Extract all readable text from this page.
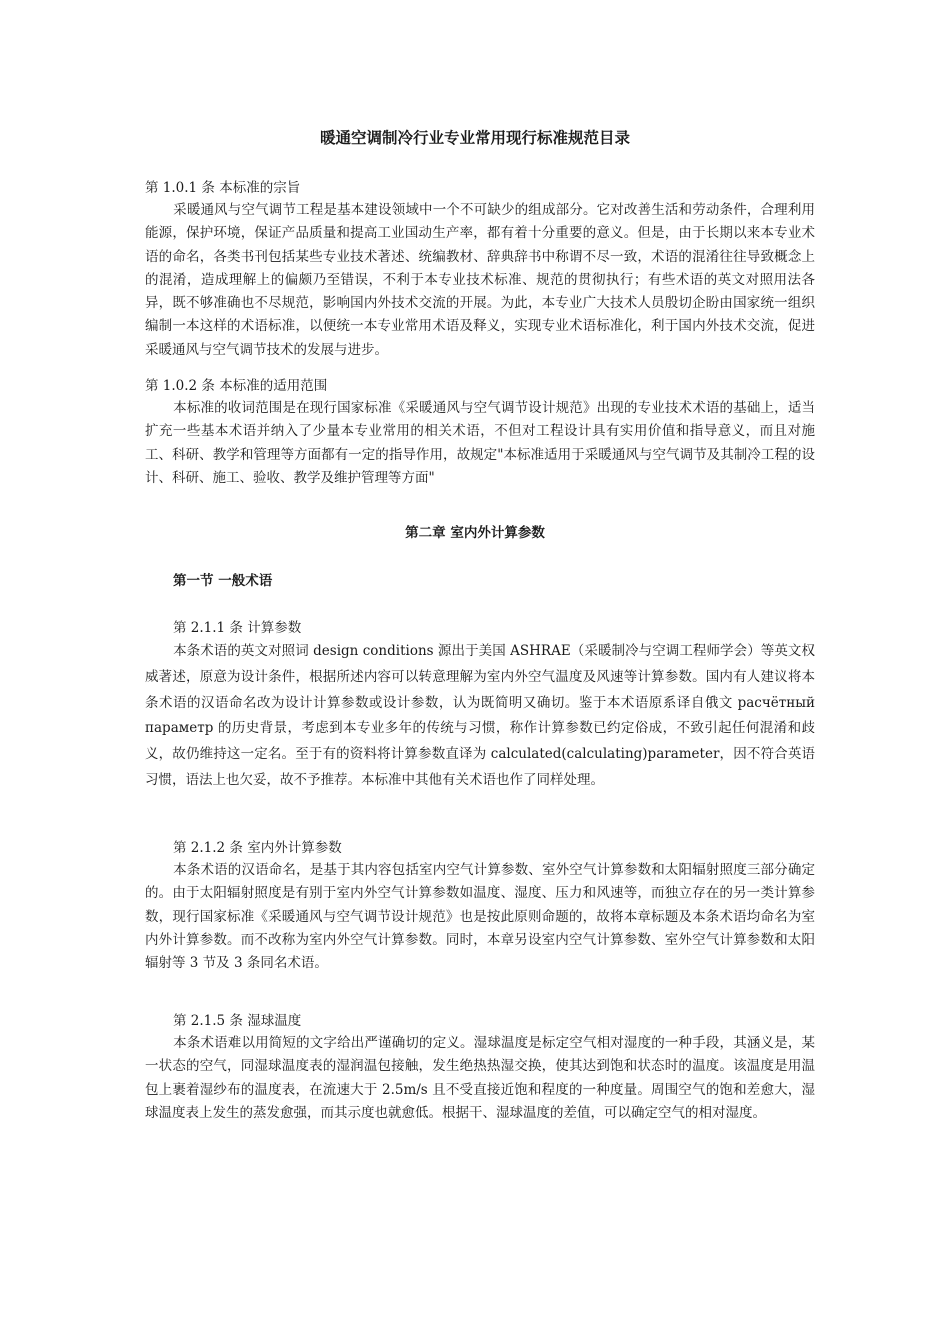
暖通空调制冷行业专业常用现行标准规范目录

第 1.0.1 条 本标准的宗旨

采暖通风与空气调节工程是基本建设领域中一个不可缺少的组成部分。它对改善生活和劳动条件，合理利用能源，保护环境，保证产品质量和提高工业国动生产率，都有着十分重要的意义。但是，由于长期以来本专业术语的命名，各类书刊包括某些专业技术著述、统编教材、辞典辞书中称谓不尽一致，术语的混淆往往导致概念上的混淆，造成理解上的偏颇乃至错误，不利于本专业技术标准、规范的贯彻执行；有些术语的英文对照用法各异，既不够准确也不尽规范，影响国内外技术交流的开展。为此，本专业广大技术人员殷切企盼由国家统一组织编制一本这样的术语标准，以便统一本专业常用术语及释义，实现专业术语标准化，利于国内外技术交流，促进采暖通风与空气调节技术的发展与进步。

第 1.0.2 条 本标准的适用范围

本标准的收词范围是在现行国家标准《采暖通风与空气调节设计规范》出现的专业技术术语的基础上，适当扩充一些基本术语并纳入了少量本专业常用的相关术语，不但对工程设计具有实用价值和指导意义，而且对施工、科研、教学和管理等方面都有一定的指导作用，故规定"本标准适用于采暖通风与空气调节及其制冷工程的设计、科研、施工、验收、教学及维护管理等方面"

第二章 室内外计算参数

第一节 一般术语

第 2.1.1 条 计算参数

本条术语的英文对照词 design conditions 源出于美国 ASHRAE（采暖制冷与空调工程师学会）等英文权威著述，原意为设计条件，根据所述内容可以转意理解为室内外空气温度及风速等计算参数。国内有人建议将本条术语的汉语命名改为设计计算参数或设计参数，认为既简明又确切。鉴于本术语原系译自俄文 расчётный параметр 的历史背景，考虑到本专业多年的传统与习惯，称作计算参数已约定俗成，不致引起任何混淆和歧义，故仍维持这一定名。至于有的资料将计算参数直译为 calculated(calculating)parameter，因不符合英语习惯，语法上也欠妥，故不予推荐。本标准中其他有关术语也作了同样处理。

第 2.1.2 条 室内外计算参数

本条术语的汉语命名，是基于其内容包括室内空气计算参数、室外空气计算参数和太阳辐射照度三部分确定的。由于太阳辐射照度是有别于室内外空气计算参数如温度、湿度、压力和风速等，而独立存在的另一类计算参数，现行国家标准《采暖通风与空气调节设计规范》也是按此原则命题的，故将本章标题及本条术语均命名为室内外计算参数。而不改称为室内外空气计算参数。同时，本章另设室内空气计算参数、室外空气计算参数和太阳辐射等 3 节及 3 条同名术语。

第 2.1.5 条 湿球温度

本条术语难以用简短的文字给出严谨确切的定义。湿球温度是标定空气相对湿度的一种手段，其涵义是，某一状态的空气，同湿球温度表的湿润温包接触，发生绝热热湿交换，使其达到饱和状态时的温度。该温度是用温包上裹着湿纱布的温度表，在流速大于 2.5m/s 且不受直接近饱和程度的一种度量。周围空气的饱和差愈大，湿球温度表上发生的蒸发愈强，而其示度也就愈低。根据干、湿球温度的差值，可以确定空气的相对湿度。
